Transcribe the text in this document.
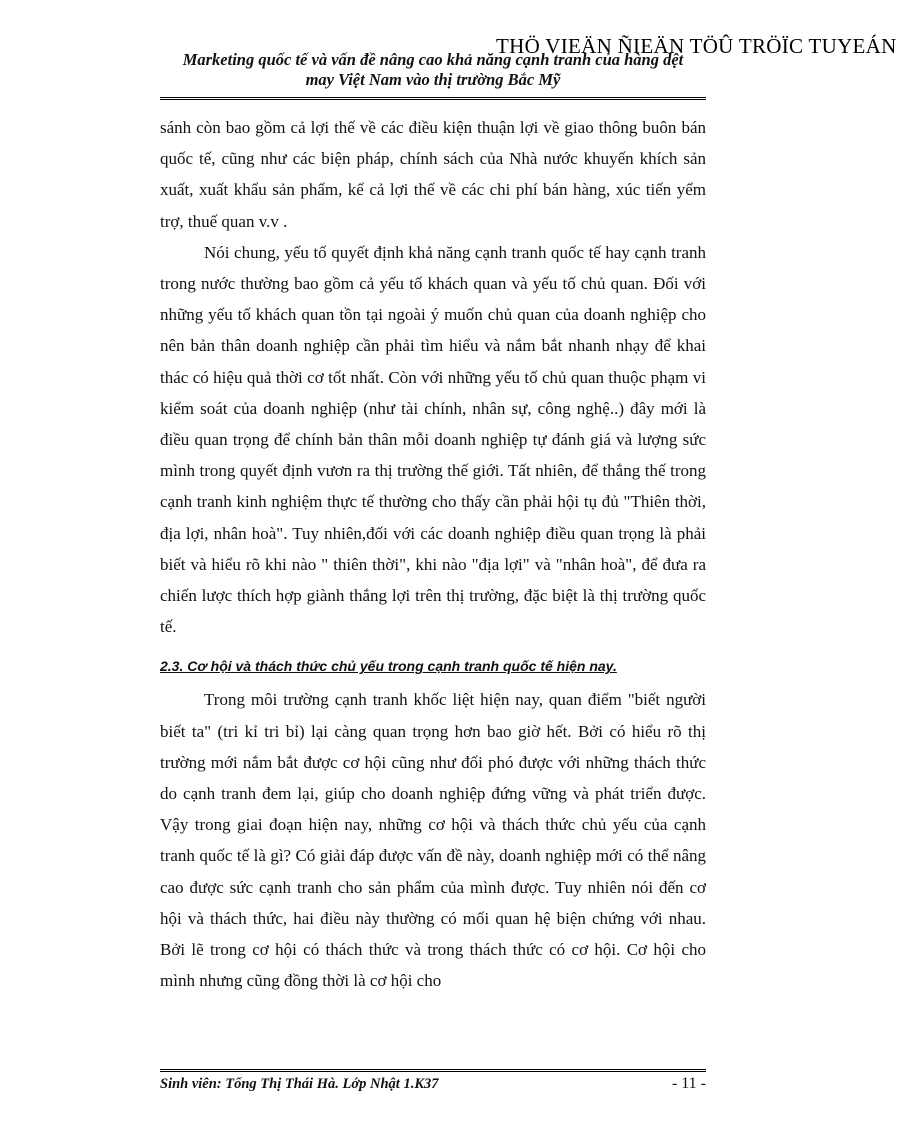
THÖ VIEÄN ÑIEÄN TÖÛ TRÖÏC TUYEÁN
Marketing quốc tế và vấn đề nâng cao khả năng cạnh tranh của hàng dệt
may Việt Nam vào thị trường Bắc Mỹ

sánh còn bao gồm cả lợi thế về các điều kiện thuận lợi về giao thông buôn bán quốc tế, cũng như các biện pháp, chính sách của Nhà nước khuyến khích sản xuất, xuất khẩu sản phẩm, kể cả lợi thế về các chi phí bán hàng, xúc tiến yểm trợ, thuế quan v.v .

Nói chung, yếu tố quyết định khả năng cạnh tranh quốc tế hay cạnh tranh trong nước thường bao gồm cả yếu tố khách quan và yếu tố chủ quan. Đối với những yếu tố khách quan tồn tại ngoài ý muốn chủ quan của doanh nghiệp cho nên bản thân doanh nghiệp cần phải tìm hiểu và nắm bắt nhanh nhạy để khai thác có hiệu quả thời cơ tốt nhất. Còn với những yếu tố chủ quan thuộc phạm vi kiểm soát của doanh nghiệp (như tài chính, nhân sự, công nghệ..) đây mới là điều quan trọng để chính bản thân mỗi doanh nghiệp tự đánh giá và lượng sức mình trong quyết định vươn ra thị trường thế giới. Tất nhiên, để thắng thế trong cạnh tranh kinh nghiệm thực tế thường cho thấy cần phải hội tụ đủ "Thiên thời, địa lợi, nhân hoà". Tuy nhiên,đối với các doanh nghiệp điều quan trọng là phải biết và hiểu rõ khi nào " thiên thời", khi nào "địa lợi" và "nhân hoà", để đưa ra chiến lược thích hợp giành thắng lợi trên thị trường, đặc biệt là thị trường quốc tế.

2.3. Cơ hội và thách thức chủ yếu trong cạnh tranh quốc tế hiện nay.

Trong môi trường cạnh tranh khốc liệt hiện nay, quan điểm "biết người biết ta" (tri kỉ tri bỉ) lại càng quan trọng hơn bao giờ hết. Bởi có hiểu rõ thị trường mới nắm bắt được cơ hội cũng như đối phó được với những thách thức do cạnh tranh đem lại, giúp cho doanh nghiệp đứng vững và phát triển được. Vậy trong giai đoạn hiện nay, những cơ hội và thách thức chủ yếu của cạnh tranh quốc tế là gì? Có giải đáp được vấn đề này, doanh nghiệp mới có thể nâng cao được sức cạnh tranh cho sản phẩm của mình được. Tuy nhiên nói đến cơ hội và thách thức, hai điều này thường có mối quan hệ biện chứng với nhau. Bởi lẽ trong cơ hội có thách thức và trong thách thức có cơ hội. Cơ hội cho mình nhưng cũng đồng thời là cơ hội cho

Sinh viên: Tống Thị Thái Hà. Lớp Nhật 1.K37	- 11 -
